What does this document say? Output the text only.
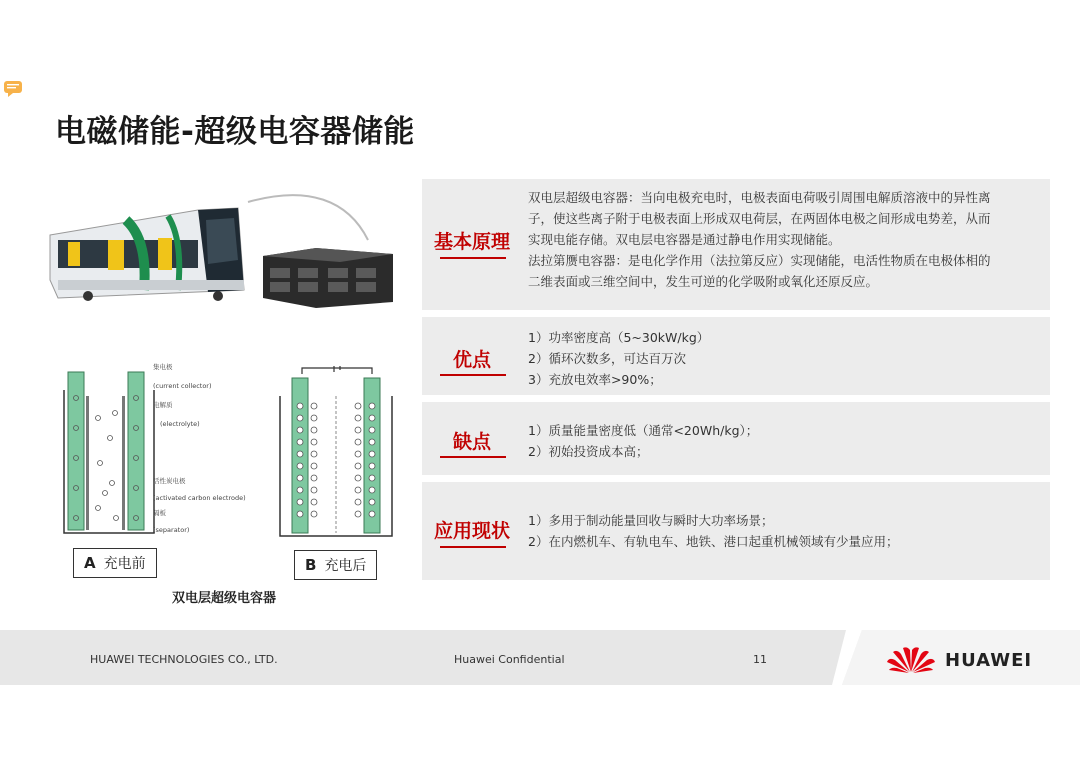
电磁储能-超级电容器储能
集电极
(current collector)
电解质
(electrolyte)
活性炭电极
(activated carbon electrode)
隔板
(separator)
A 充电前	B 充电后
双电层超级电容器
基本原理
双电层超级电容器：当向电极充电时，电极表面电荷吸引周围电解质溶液中的异性离
子，使这些离子附于电极表面上形成双电荷层，在两固体电极之间形成电势差，从而
实现电能存储。双电层电容器是通过静电作用实现储能。
法拉第赝电容器：是电化学作用（法拉第反应）实现储能，电活性物质在电极体相的
二维表面或三维空间中，发生可逆的化学吸附或氧化还原反应。
优点
1）功率密度高（5~30kW/kg）
2）循环次数多，可达百万次
3）充放电效率>90%；
缺点
1）质量能量密度低（通常<20Wh/kg）；
2）初始投资成本高；
应用现状	1）多用于制动能量回收与瞬时大功率场景；
2）在内燃机车、有轨电车、地铁、港口起重机械领域有少量应用；
HUAWEI TECHNOLOGIES CO., LTD.	Huawei Confidential	11	HUAWEI
